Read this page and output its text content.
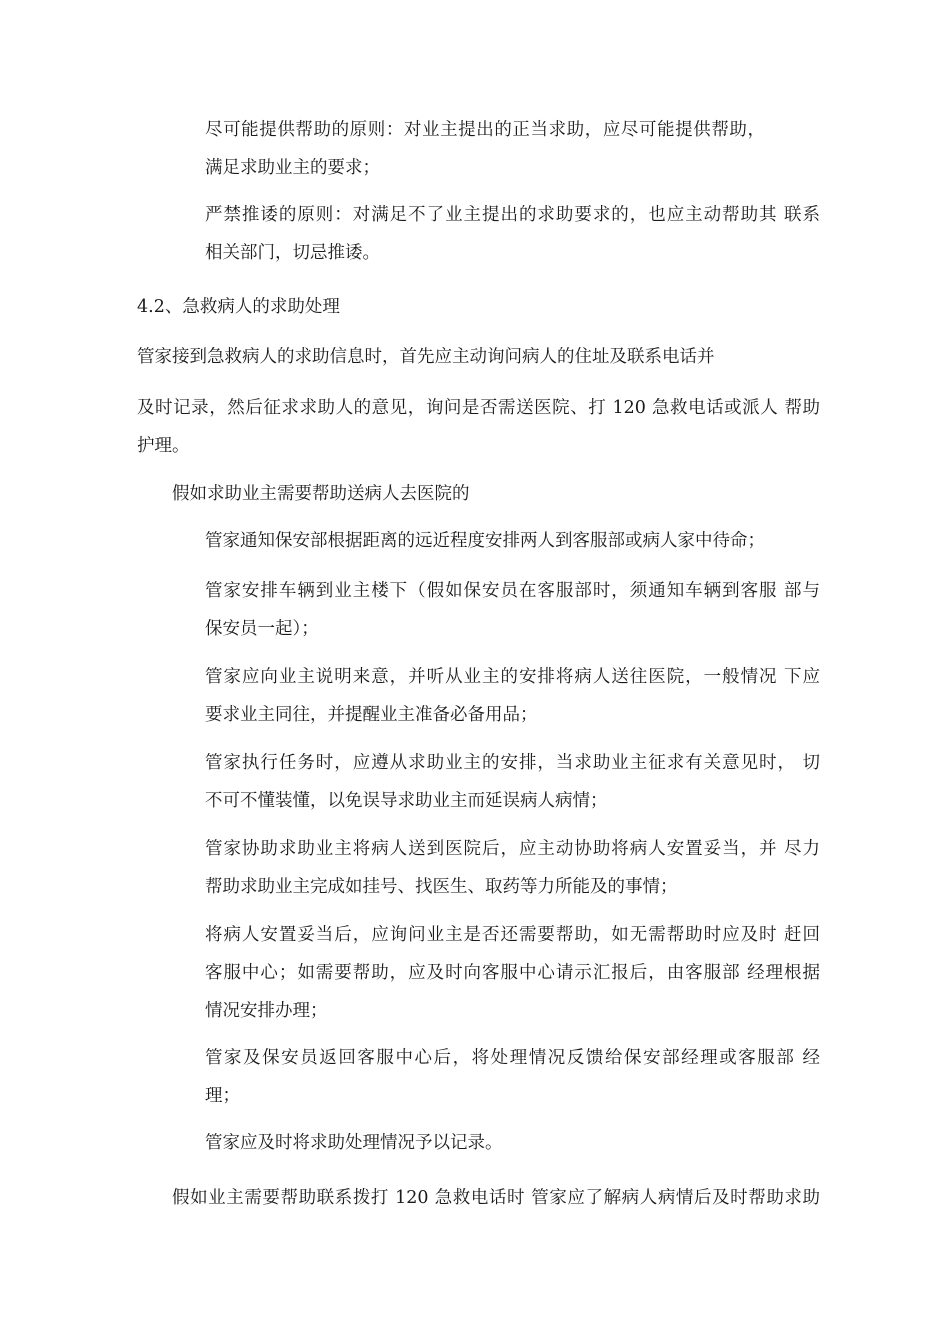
尽可能提供帮助的原则：对业主提出的正当求助，应尽可能提供帮助，
满足求助业主的要求；
严禁推诿的原则：对满足不了业主提出的求助要求的，也应主动帮助其 联系
相关部门，切忌推诿。
4.2、急救病人的求助处理
管家接到急救病人的求助信息时，首先应主动询问病人的住址及联系电话并
及时记录，然后征求求助人的意见，询问是否需送医院、打 120 急救电话或派人 帮助
护理。
假如求助业主需要帮助送病人去医院的
管家通知保安部根据距离的远近程度安排两人到客服部或病人家中待命；
管家安排车辆到业主楼下（假如保安员在客服部时，须通知车辆到客服 部与
保安员一起）；
管家应向业主说明来意，并听从业主的安排将病人送往医院，一般情况 下应
要求业主同往，并提醒业主准备必备用品；
管家执行任务时，应遵从求助业主的安排，当求助业主征求有关意见时， 切
不可不懂装懂，以免误导求助业主而延误病人病情；
管家协助求助业主将病人送到医院后，应主动协助将病人安置妥当，并 尽力
帮助求助业主完成如挂号、找医生、取药等力所能及的事情；
将病人安置妥当后，应询问业主是否还需要帮助，如无需帮助时应及时 赶回
客服中心；如需要帮助，应及时向客服中心请示汇报后，由客服部 经理根据
情况安排办理；
管家及保安员返回客服中心后，将处理情况反馈给保安部经理或客服部 经
理；
管家应及时将求助处理情况予以记录。
假如业主需要帮助联系拨打 120 急救电话时 管家应了解病人病情后及时帮助求助
